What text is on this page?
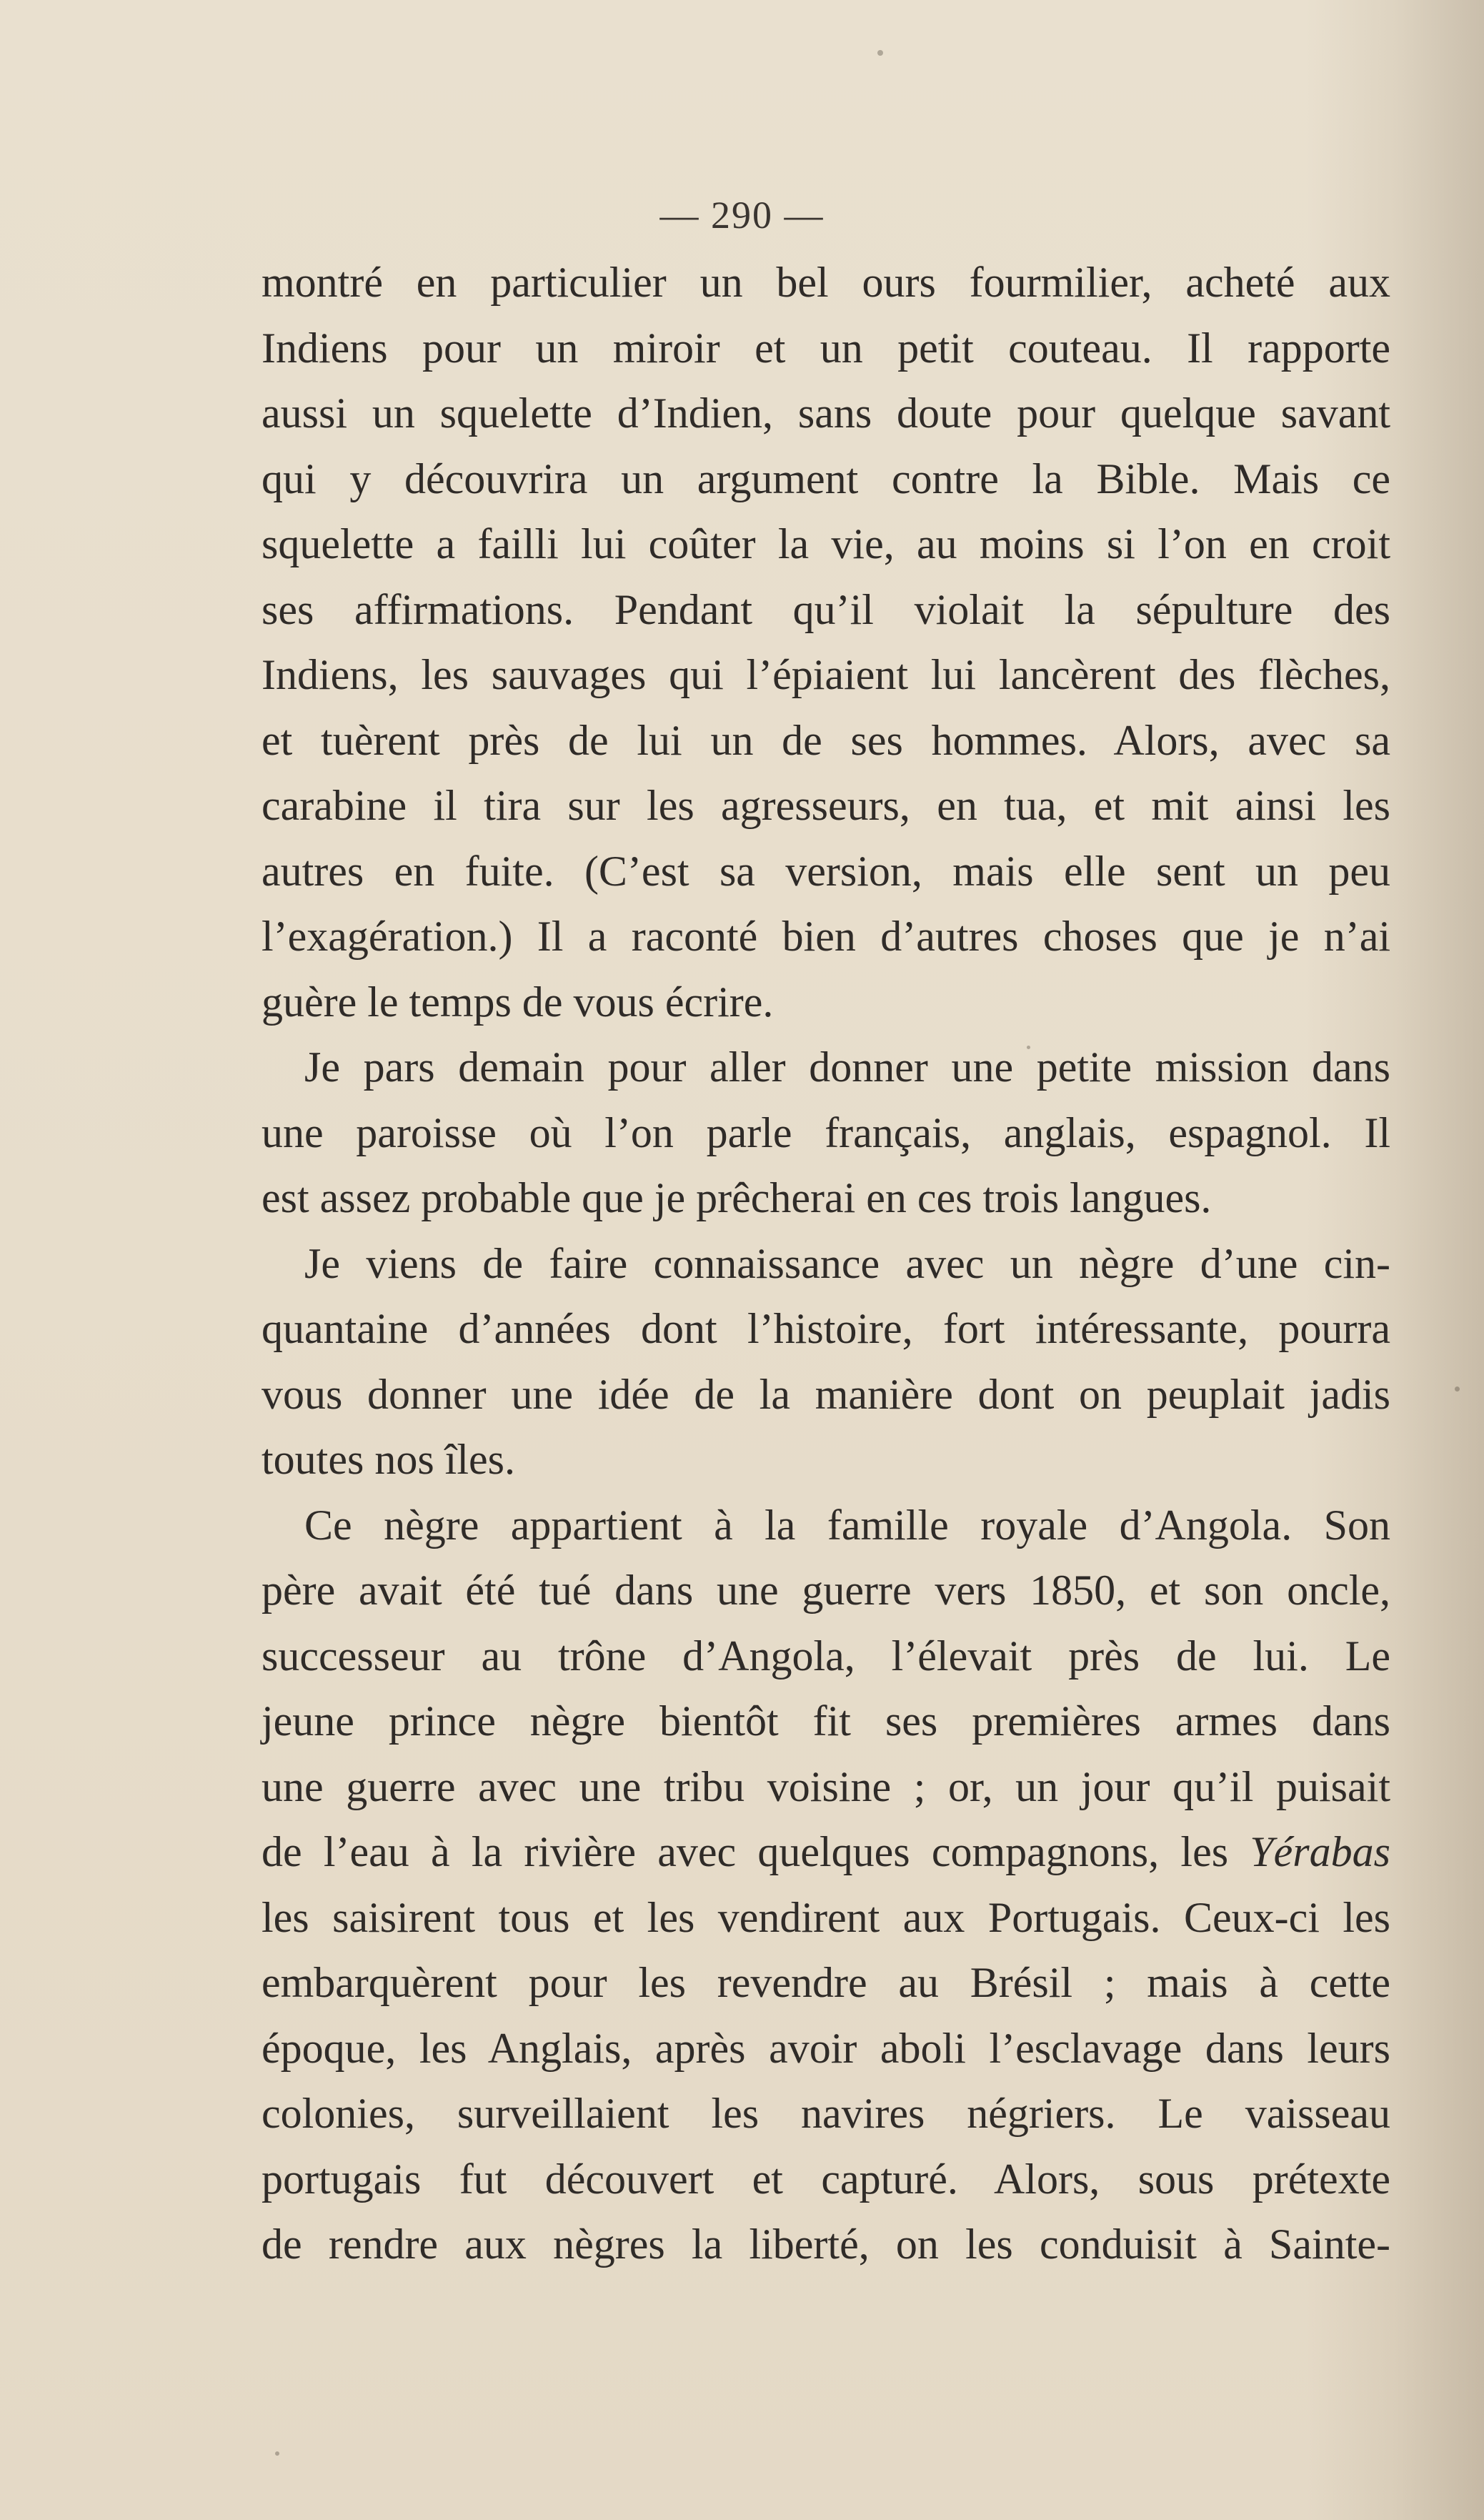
— 290 —
montré en particulier un bel ours fourmilier, acheté aux
Indiens pour un miroir et un petit couteau. Il rapporte
aussi un squelette d’Indien, sans doute pour quelque savant
qui y découvrira un argument contre la Bible. Mais ce
squelette a failli lui coûter la vie, au moins si l’on en croit
ses affirmations. Pendant qu’il violait la sépulture des
Indiens, les sauvages qui l’épiaient lui lancèrent des flèches,
et tuèrent près de lui un de ses hommes. Alors, avec sa
carabine il tira sur les agresseurs, en tua, et mit ainsi les
autres en fuite. (C’est sa version, mais elle sent un peu
l’exagération.) Il a raconté bien d’autres choses que je n’ai
guère le temps de vous écrire.
Je pars demain pour aller donner une petite mission dans
une paroisse où l’on parle français, anglais, espagnol. Il
est assez probable que je prêcherai en ces trois langues.
Je viens de faire connaissance avec un nègre d’une cin-
quantaine d’années dont l’histoire, fort intéressante, pourra
vous donner une idée de la manière dont on peuplait jadis
toutes nos îles.
Ce nègre appartient à la famille royale d’Angola. Son
père avait été tué dans une guerre vers 1850, et son oncle,
successeur au trône d’Angola, l’élevait près de lui. Le
jeune prince nègre bientôt fit ses premières armes dans
une guerre avec une tribu voisine ; or, un jour qu’il puisait
de l’eau à la rivière avec quelques compagnons, les Yérabas
les saisirent tous et les vendirent aux Portugais. Ceux-ci les
embarquèrent pour les revendre au Brésil ; mais à cette
époque, les Anglais, après avoir aboli l’esclavage dans leurs
colonies, surveillaient les navires négriers. Le vaisseau
portugais fut découvert et capturé. Alors, sous prétexte
de rendre aux nègres la liberté, on les conduisit à Sainte-
